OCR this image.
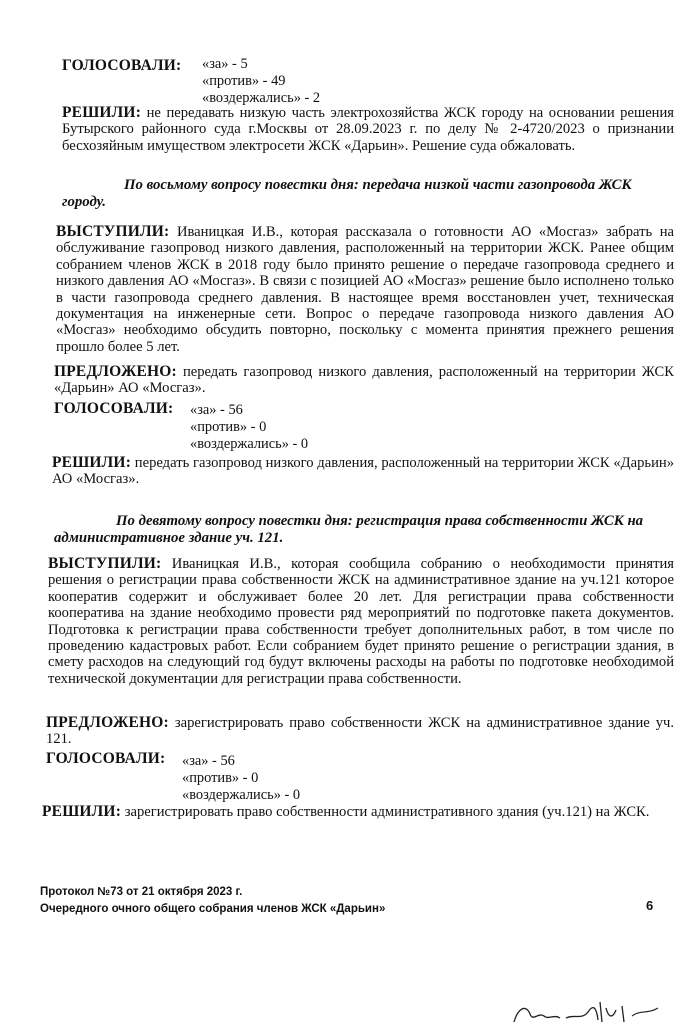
ГОЛОСОВАЛИ: «за» - 5
«против» - 49
«воздержались» - 2

РЕШИЛИ: не передавать низкую часть электрохозяйства ЖСК городу на основании решения Бутырского районного суда г.Москвы от 28.09.2023 г. по делу № 2-4720/2023 о признании бесхозяйным имуществом электросети ЖСК «Дарьин». Решение суда обжаловать.

По восьмому вопросу повестки дня: передача низкой части газопровода ЖСК городу.

ВЫСТУПИЛИ: Иваницкая И.В., которая рассказала о готовности АО «Мосгаз» забрать на обслуживание газопровод низкого давления, расположенный на территории ЖСК. Ранее общим собранием членов ЖСК в 2018 году было принято решение о передаче газопровода среднего и низкого давления АО «Мосгаз». В связи с позицией АО «Мосгаз» решение было исполнено только в части газопровода среднего давления. В настоящее время восстановлен учет, техническая документация на инженерные сети. Вопрос о передаче газопровода низкого давления АО «Мосгаз» необходимо обсудить повторно, поскольку с момента принятия прежнего решения прошло более 5 лет.

ПРЕДЛОЖЕНО: передать газопровод низкого давления, расположенный на территории ЖСК «Дарьин» АО «Мосгаз».

ГОЛОСОВАЛИ: «за» - 56
«против» - 0
«воздержались» - 0

РЕШИЛИ: передать газопровод низкого давления, расположенный на территории ЖСК «Дарьин» АО «Мосгаз».

По девятому вопросу повестки дня: регистрация права собственности ЖСК на административное здание уч. 121.

ВЫСТУПИЛИ: Иваницкая И.В., которая сообщила собранию о необходимости принятия решения о регистрации права собственности ЖСК на административное здание на уч.121 которое кооператив содержит и обслуживает более 20 лет. Для регистрации права собственности кооператива на здание необходимо провести ряд мероприятий по подготовке пакета документов. Подготовка к регистрации права собственности требует дополнительных работ, в том числе по проведению кадастровых работ. Если собранием будет принято решение о регистрации здания, в смету расходов на следующий год будут включены расходы на работы по подготовке необходимой технической документации для регистрации права собственности.

ПРЕДЛОЖЕНО: зарегистрировать право собственности ЖСК на административное здание уч. 121.

ГОЛОСОВАЛИ: «за» - 56
«против» - 0
«воздержались» - 0

РЕШИЛИ: зарегистрировать право собственности административного здания (уч.121) на ЖСК.

Протокол №73 от 21 октября 2023 г.
Очередного очного общего собрания членов ЖСК «Дарьин»	6
